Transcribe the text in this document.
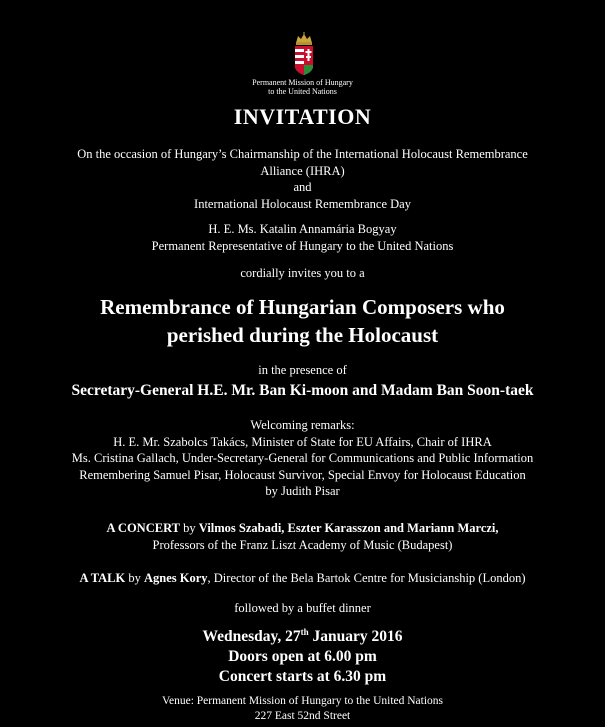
Permanent Mission of Hungary
to the United Nations
INVITATION
On the occasion of Hungary’s Chairmanship of the International Holocaust Remembrance
Alliance (IHRA)
and
International Holocaust Remembrance Day
H. E. Ms. Katalin Annamária Bogyay
Permanent Representative of Hungary to the United Nations
cordially invites you to a
Remembrance of Hungarian Composers who
perished during the Holocaust
in the presence of
Secretary-General H.E. Mr. Ban Ki-moon and Madam Ban Soon-taek
Welcoming remarks:
H. E. Mr. Szabolcs Takács, Minister of State for EU Affairs, Chair of IHRA
Ms. Cristina Gallach, Under-Secretary-General for Communications and Public Information
Remembering Samuel Pisar, Holocaust Survivor, Special Envoy for Holocaust Education
by Judith Pisar
A CONCERT by Vilmos Szabadi, Eszter Karasszon and Mariann Marczi,
Professors of the Franz Liszt Academy of Music (Budapest)
A TALK by Agnes Kory, Director of the Bela Bartok Centre for Musicianship (London)
followed by a buffet dinner
Wednesday, 27th January 2016
Doors open at 6.00 pm
Concert starts at 6.30 pm
Venue: Permanent Mission of Hungary to the United Nations
227 East 52nd Street
